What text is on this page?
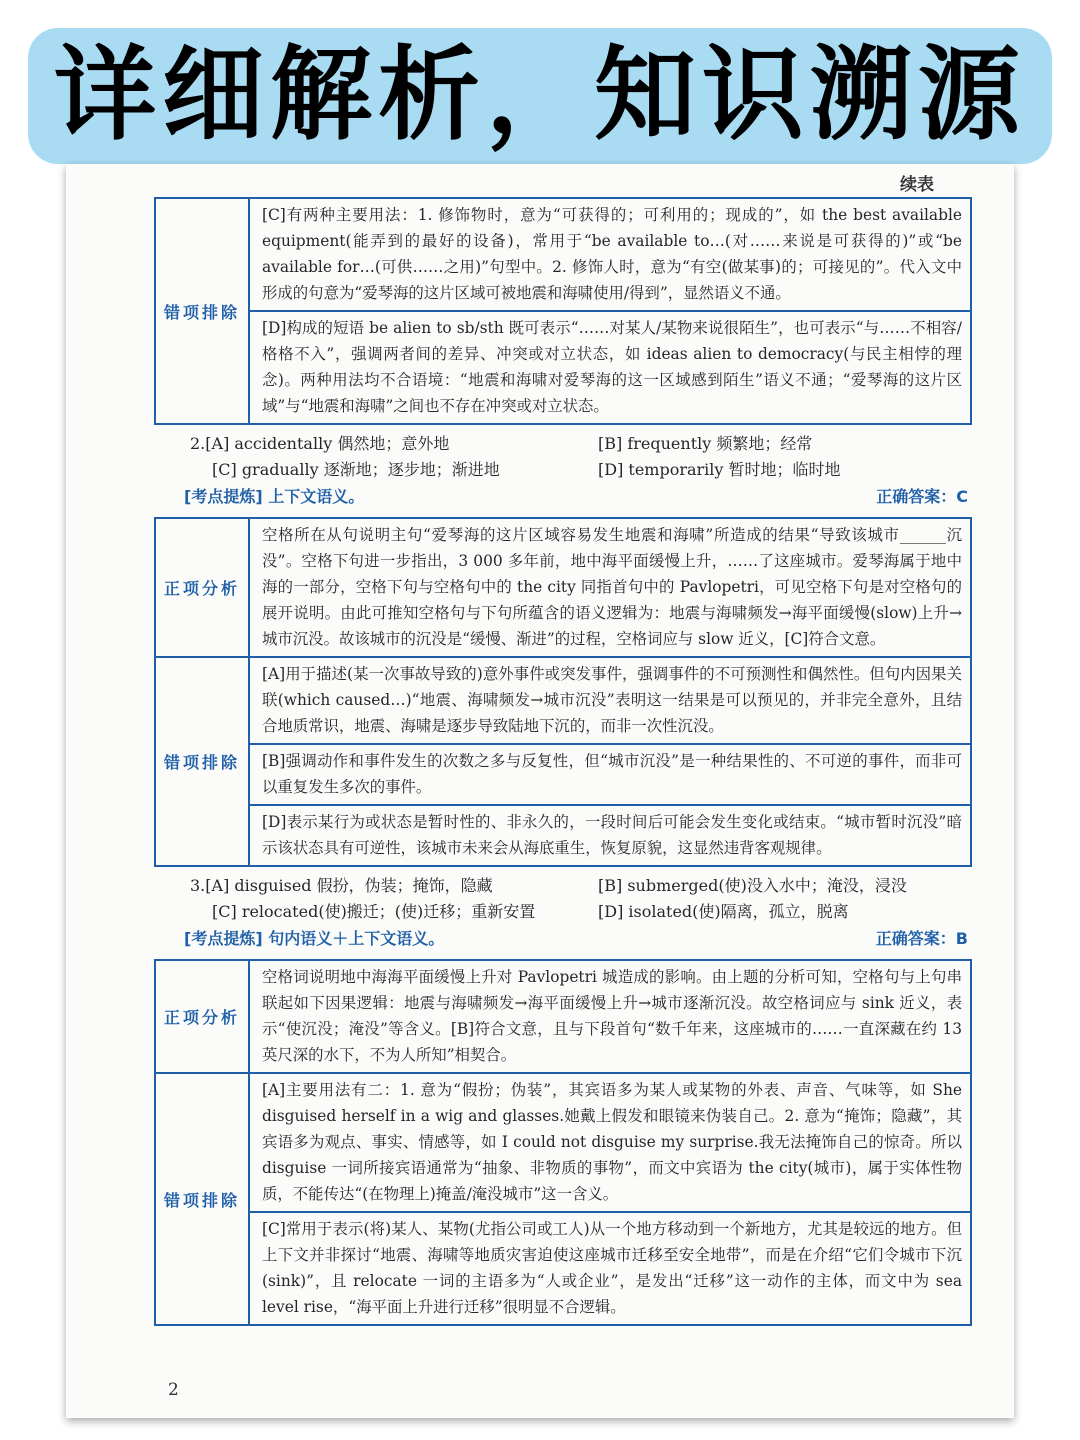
详细解析，知识溯源
续表
错项排除	[C]有两种主要用法：1. 修饰物时，意为“可获得的；可利用的；现成的”，如 the best available equipment(能弄到的最好的设备)，常用于“be available to…(对……来说是可获得的)”或“be available for…(可供……之用)”句型中。2. 修饰人时，意为“有空(做某事)的；可接见的”。代入文中形成的句意为“爱琴海的这片区域可被地震和海啸使用/得到”，显然语义不通。
[D]构成的短语 be alien to sb/sth 既可表示“……对某人/某物来说很陌生”，也可表示“与……不相容/格格不入”，强调两者间的差异、冲突或对立状态，如 ideas alien to democracy(与民主相悖的理念)。两种用法均不合语境：“地震和海啸对爱琴海的这一区域感到陌生”语义不通；“爱琴海的这片区域”与“地震和海啸”之间也不存在冲突或对立状态。
2.[A] accidentally 偶然地；意外地	[B] frequently 频繁地；经常
[C] gradually 逐渐地；逐步地；渐进地	[D] temporarily 暂时地；临时地
[考点提炼] 上下文语义。	正确答案：C
正项分析	空格所在从句说明主句“爱琴海的这片区域容易发生地震和海啸”所造成的结果“导致该城市______沉没”。空格下句进一步指出，3 000 多年前，地中海平面缓慢上升，……了这座城市。爱琴海属于地中海的一部分，空格下句与空格句中的 the city 同指首句中的 Pavlopetri，可见空格下句是对空格句的展开说明。由此可推知空格句与下句所蕴含的语义逻辑为：地震与海啸频发→海平面缓慢(slow)上升→城市沉没。故该城市的沉没是“缓慢、渐进”的过程，空格词应与 slow 近义，[C]符合文意。
错项排除	[A]用于描述(某一次事故导致的)意外事件或突发事件，强调事件的不可预测性和偶然性。但句内因果关联(which caused…)“地震、海啸频发→城市沉没”表明这一结果是可以预见的，并非完全意外，且结合地质常识，地震、海啸是逐步导致陆地下沉的，而非一次性沉没。
	[B]强调动作和事件发生的次数之多与反复性，但“城市沉没”是一种结果性的、不可逆的事件，而非可以重复发生多次的事件。
	[D]表示某行为或状态是暂时性的、非永久的，一段时间后可能会发生变化或结束。“城市暂时沉没”暗示该状态具有可逆性，该城市未来会从海底重生，恢复原貌，这显然违背客观规律。
3.[A] disguised 假扮，伪装；掩饰，隐藏	[B] submerged(使)没入水中；淹没，浸没
[C] relocated(使)搬迁；(使)迁移；重新安置	[D] isolated(使)隔离，孤立，脱离
[考点提炼] 句内语义＋上下文语义。	正确答案：B
正项分析	空格词说明地中海海平面缓慢上升对 Pavlopetri 城造成的影响。由上题的分析可知，空格句与上句串联起如下因果逻辑：地震与海啸频发→海平面缓慢上升→城市逐渐沉没。故空格词应与 sink 近义，表示“使沉没；淹没”等含义。[B]符合文意，且与下段首句“数千年来，这座城市的……一直深藏在约 13 英尺深的水下，不为人所知”相契合。
错项排除	[A]主要用法有二：1. 意为“假扮；伪装”，其宾语多为某人或某物的外表、声音、气味等，如 She disguised herself in a wig and glasses.她戴上假发和眼镜来伪装自己。2. 意为“掩饰；隐藏”，其宾语多为观点、事实、情感等，如 I could not disguise my surprise.我无法掩饰自己的惊奇。所以 disguise 一词所接宾语通常为“抽象、非物质的事物”，而文中宾语为 the city(城市)，属于实体性物质，不能传达“(在物理上)掩盖/淹没城市”这一含义。
	[C]常用于表示(将)某人、某物(尤指公司或工人)从一个地方移动到一个新地方，尤其是较远的地方。但上下文并非探讨“地震、海啸等地质灾害迫使这座城市迁移至安全地带”，而是在介绍“它们令城市下沉(sink)”，且 relocate 一词的主语多为“人或企业”，是发出“迁移”这一动作的主体，而文中为 sea level rise，“海平面上升进行迁移”很明显不合逻辑。
2
